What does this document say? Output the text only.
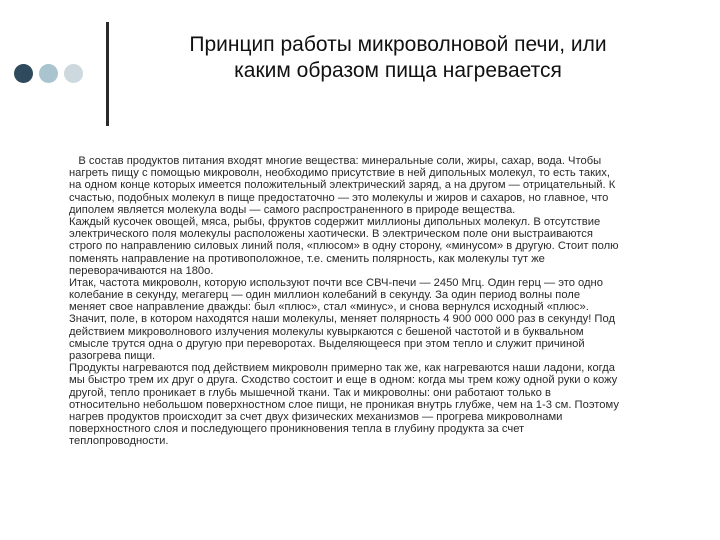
Принцип работы микроволновой печи, или
каким образом пища нагревается
В состав продуктов питания входят многие вещества: минеральные соли, жиры, сахар, вода. Чтобы
нагреть пищу с помощью микроволн, необходимо присутствие в ней дипольных молекул, то есть таких,
на одном конце которых имеется положительный электрический заряд, а на другом — отрицательный. К
счастью, подобных молекул в пище предостаточно — это молекулы и жиров и сахаров, но главное, что
диполем является молекула воды — самого распространенного в природе вещества.
Каждый кусочек овощей, мяса, рыбы, фруктов содержит миллионы дипольных молекул. В отсутствие
электрического поля молекулы расположены хаотически. В электрическом поле они выстраиваются
строго по направлению силовых линий поля, «плюсом» в одну сторону, «минусом» в другую. Стоит полю
поменять направление на противоположное, т.е. сменить полярность, как молекулы тут же
переворачиваются на 180о.
Итак, частота микроволн, которую используют почти все СВЧ-печи — 2450 Мгц. Один герц — это одно
колебание в секунду, мегагерц — один миллион колебаний в секунду. За один период волны поле
меняет свое направление дважды: был «плюс», стал «минус», и снова вернулся исходный «плюс».
Значит, поле, в котором находятся наши молекулы, меняет полярность 4 900 000 000 раз в секунду! Под
действием микроволнового излучения молекулы кувыркаются с бешеной частотой и в буквальном
смысле трутся одна о другую при переворотах. Выделяющееся при этом тепло и служит причиной
разогрева пищи.
Продукты нагреваются под действием микроволн примерно так же, как нагреваются наши ладони, когда
мы быстро трем их друг о друга. Сходство состоит и еще в одном: когда мы трем кожу одной руки о кожу
другой, тепло проникает в глубь мышечной ткани. Так и микроволны: они работают только в
относительно небольшом поверхностном слое пищи, не проникая внутрь глубже, чем на 1-3 см. Поэтому
нагрев продуктов происходит за счет двух физических механизмов — прогрева микроволнами
поверхностного слоя и последующего проникновения тепла в глубину продукта за счет
теплопроводности.
